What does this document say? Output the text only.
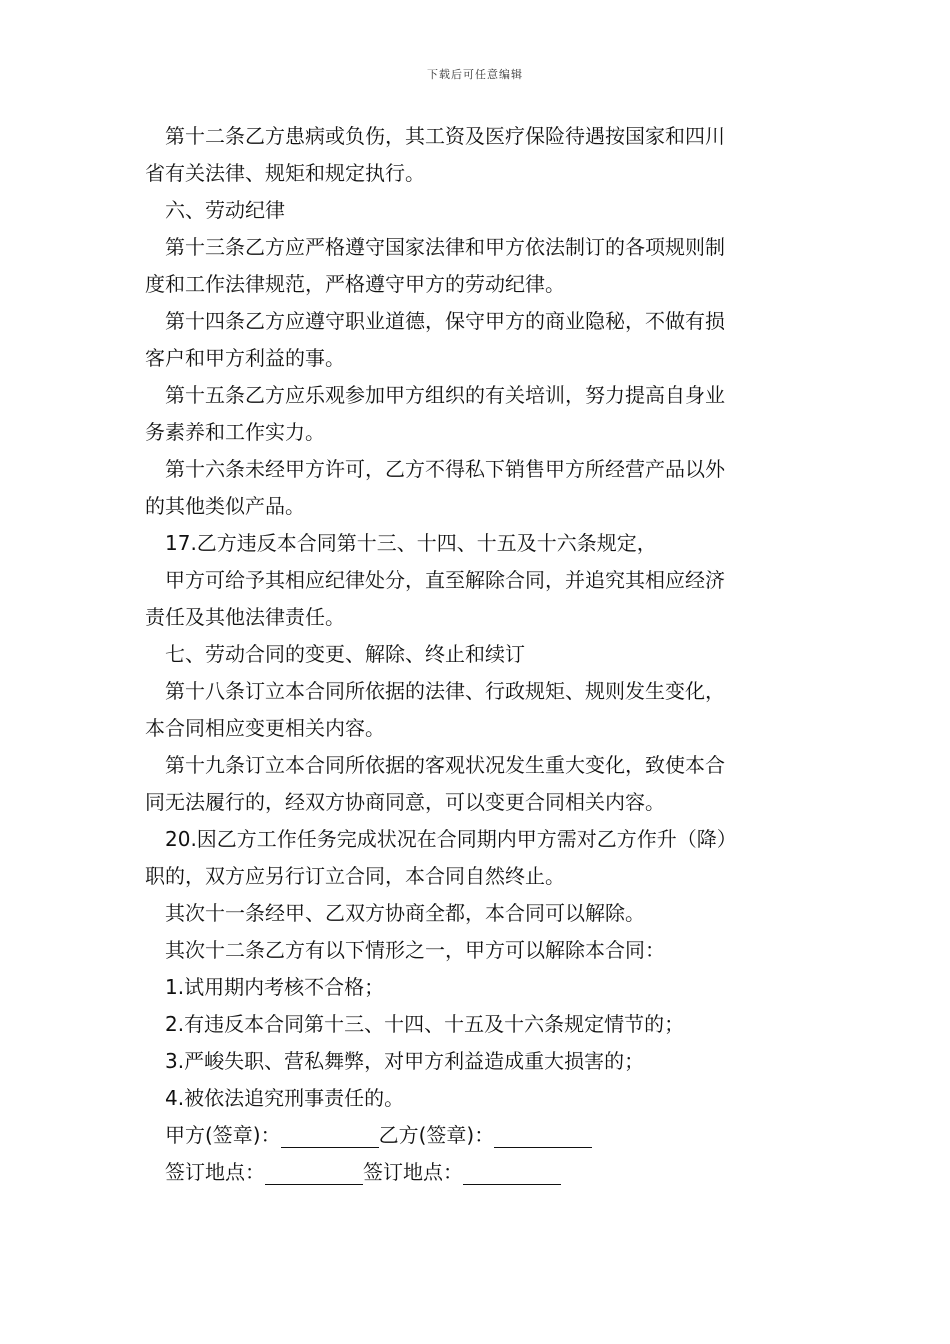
下载后可任意编辑
第十二条乙方患病或负伤，其工资及医疗保险待遇按国家和四川
省有关法律、规矩和规定执行。
六、劳动纪律
第十三条乙方应严格遵守国家法律和甲方依法制订的各项规则制
度和工作法律规范，严格遵守甲方的劳动纪律。
第十四条乙方应遵守职业道德，保守甲方的商业隐秘，不做有损
客户和甲方利益的事。
第十五条乙方应乐观参加甲方组织的有关培训，努力提高自身业
务素养和工作实力。
第十六条未经甲方许可，乙方不得私下销售甲方所经营产品以外
的其他类似产品。
17.乙方违反本合同第十三、十四、十五及十六条规定，
甲方可给予其相应纪律处分，直至解除合同，并追究其相应经济
责任及其他法律责任。
七、劳动合同的变更、解除、终止和续订
第十八条订立本合同所依据的法律、行政规矩、规则发生变化，
本合同相应变更相关内容。
第十九条订立本合同所依据的客观状况发生重大变化，致使本合
同无法履行的，经双方协商同意，可以变更合同相关内容。
20.因乙方工作任务完成状况在合同期内甲方需对乙方作升（降）
职的，双方应另行订立合同，本合同自然终止。
其次十一条经甲、乙双方协商全都，本合同可以解除。
其次十二条乙方有以下情形之一，甲方可以解除本合同：
1.试用期内考核不合格；
2.有违反本合同第十三、十四、十五及十六条规定情节的；
3.严峻失职、营私舞弊，对甲方利益造成重大损害的；
4.被依法追究刑事责任的。
甲方(签章)：	乙方(签章)：
签订地点：	签订地点：
